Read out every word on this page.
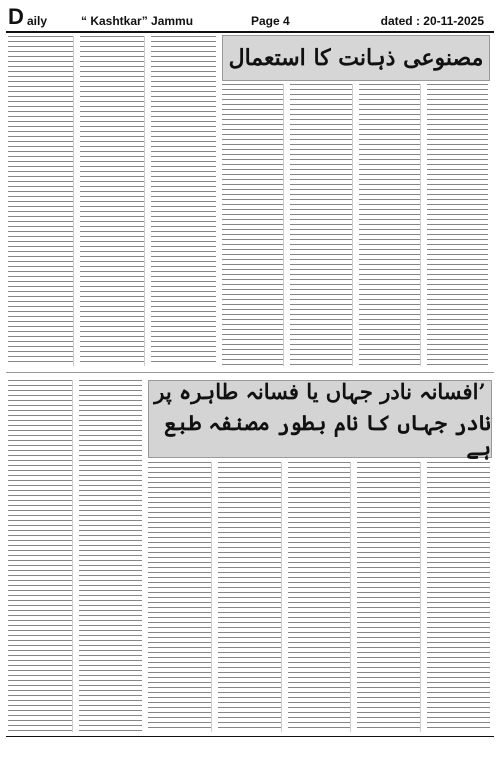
D aily	“ Kashtkar” Jammu	Page 4	dated : 20-11-2025
مصنوعی ذہانت کا استعمال
’افسانہ نادر جہاں یا فسانہ طاہرہ پر
نادر جہاں کا نام بطور مصنفہ طبع ہے
